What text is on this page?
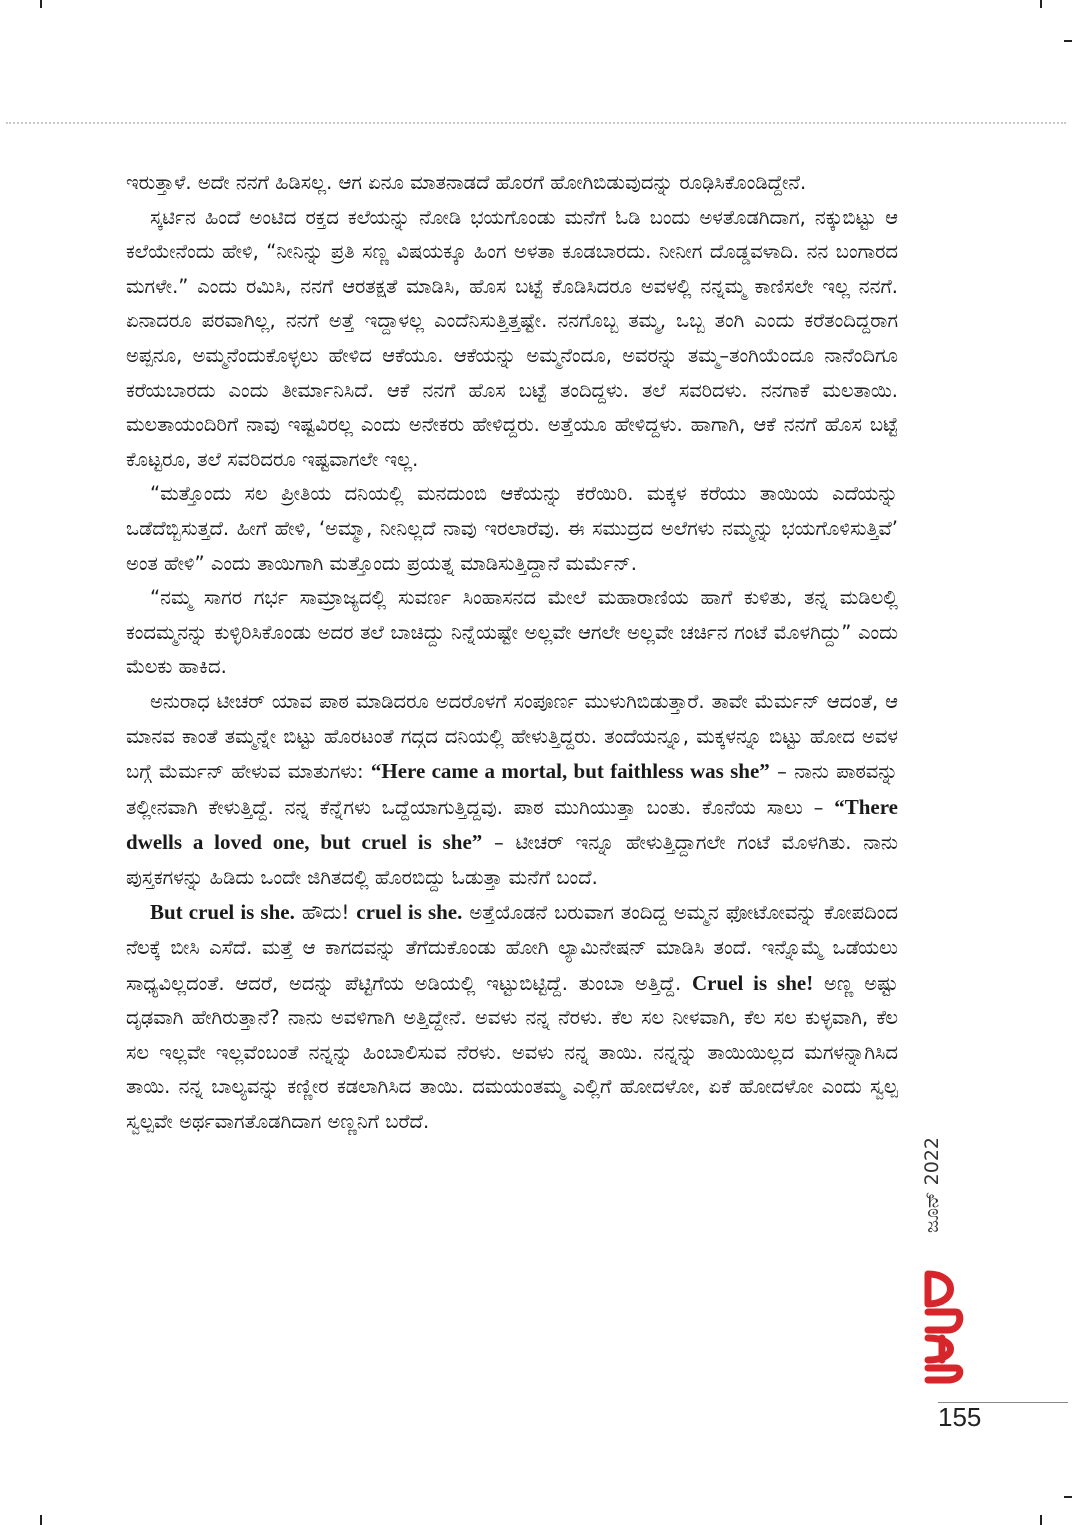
ಇರುತ್ತಾಳೆ. ಅದೇ ನನಗೆ ಹಿಡಿಸಲ್ಲ. ಆಗ ಏನೂ ಮಾತನಾಡದೆ ಹೊರಗೆ ಹೋಗಿಬಿಡುವುದನ್ನು ರೂಢಿಸಿಕೊಂಡಿದ್ದೇನೆ.

ಸ್ಕರ್ಟಿನ ಹಿಂದೆ ಅಂಟಿದ ರಕ್ತದ ಕಲೆಯನ್ನು ನೋಡಿ ಭಯಗೊಂಡು ಮನೆಗೆ ಓಡಿ ಬಂದು ಅಳತೊಡಗಿದಾಗ, ನಕ್ಕುಬಿಟ್ಟು ಆ ಕಲೆಯೇನೆಂದು ಹೇಳಿ, “ನೀನಿನ್ನು ಪ್ರತಿ ಸಣ್ಣ ವಿಷಯಕ್ಕೂ ಹಿಂಗ ಅಳತಾ ಕೂಡಬಾರದು. ನೀನೀಗ ದೊಡ್ಡವಳಾದಿ. ನನ ಬಂಗಾರದ ಮಗಳೇ.” ಎಂದು ರಮಿಸಿ, ನನಗೆ ಆರತಕ್ಷತೆ ಮಾಡಿಸಿ, ಹೊಸ ಬಟ್ಟೆ ಕೊಡಿಸಿದರೂ ಅವಳಲ್ಲಿ ನನ್ನಮ್ಮ ಕಾಣಿಸಲೇ ಇಲ್ಲ ನನಗೆ. ಏನಾದರೂ ಪರವಾಗಿಲ್ಲ, ನನಗೆ ಅತ್ತೆ ಇದ್ದಾಳಲ್ಲ ಎಂದೆನಿಸುತ್ತಿತ್ತಷ್ಟೇ. ನನಗೊಬ್ಬ ತಮ್ಮ, ಒಬ್ಬ ತಂಗಿ ಎಂದು ಕರೆತಂದಿದ್ದರಾಗ ಅಪ್ಪನೂ, ಅಮ್ಮನೆಂದುಕೊಳ್ಳಲು ಹೇಳಿದ ಆಕೆಯೂ. ಆಕೆಯನ್ನು ಅಮ್ಮನೆಂದೂ, ಅವರನ್ನು ತಮ್ಮ–ತಂಗಿಯೆಂದೂ ನಾನೆಂದಿಗೂ ಕರೆಯಬಾರದು ಎಂದು ತೀರ್ಮಾನಿಸಿದೆ. ಆಕೆ ನನಗೆ ಹೊಸ ಬಟ್ಟೆ ತಂದಿದ್ದಳು. ತಲೆ ಸವರಿದಳು. ನನಗಾಕೆ ಮಲತಾಯಿ. ಮಲತಾಯಂದಿರಿಗೆ ನಾವು ಇಷ್ಟವಿರಲ್ಲ ಎಂದು ಅನೇಕರು ಹೇಳಿದ್ದರು. ಅತ್ತೆಯೂ ಹೇಳಿದ್ದಳು. ಹಾಗಾಗಿ, ಆಕೆ ನನಗೆ ಹೊಸ ಬಟ್ಟೆ ಕೊಟ್ಟರೂ, ತಲೆ ಸವರಿದರೂ ಇಷ್ಟವಾಗಲೇ ಇಲ್ಲ.

“ಮತ್ತೊಂದು ಸಲ ಪ್ರೀತಿಯ ದನಿಯಲ್ಲಿ ಮನದುಂಬಿ ಆಕೆಯನ್ನು ಕರೆಯಿರಿ. ಮಕ್ಕಳ ಕರೆಯು ತಾಯಿಯ ಎದೆಯನ್ನು ಒಡೆದೆಬ್ಬಿಸುತ್ತದೆ. ಹೀಗೆ ಹೇಳಿ, ‘ಅಮ್ಮಾ, ನೀನಿಲ್ಲದೆ ನಾವು ಇರಲಾರೆವು. ಈ ಸಮುದ್ರದ ಅಲೆಗಳು ನಮ್ಮನ್ನು ಭಯಗೊಳಿಸುತ್ತಿವೆ’ ಅಂತ ಹೇಳಿ” ಎಂದು ತಾಯಿಗಾಗಿ ಮತ್ತೊಂದು ಪ್ರಯತ್ನ ಮಾಡಿಸುತ್ತಿದ್ದಾನೆ ಮರ್ಮೆನ್.

“ನಮ್ಮ ಸಾಗರ ಗರ್ಭ ಸಾಮ್ರಾಜ್ಯದಲ್ಲಿ ಸುವರ್ಣ ಸಿಂಹಾಸನದ ಮೇಲೆ ಮಹಾರಾಣಿಯ ಹಾಗೆ ಕುಳಿತು, ತನ್ನ ಮಡಿಲಲ್ಲಿ ಕಂದಮ್ಮನನ್ನು ಕುಳ್ಳಿರಿಸಿಕೊಂಡು ಅದರ ತಲೆ ಬಾಚಿದ್ದು ನಿನ್ನೆಯಷ್ಟೇ ಅಲ್ಲವೇ ಆಗಲೇ ಅಲ್ಲವೇ ಚರ್ಚಿನ ಗಂಟೆ ಮೊಳಗಿದ್ದು” ಎಂದು ಮೆಲಕು ಹಾಕಿದ.

ಅನುರಾಧ ಟೀಚರ್ ಯಾವ ಪಾಠ ಮಾಡಿದರೂ ಅದರೊಳಗೆ ಸಂಪೂರ್ಣ ಮುಳುಗಿಬಿಡುತ್ತಾರೆ. ತಾವೇ ಮೆರ್ಮನ್ ಆದಂತೆ, ಆ ಮಾನವ ಕಾಂತೆ ತಮ್ಮನ್ನೇ ಬಿಟ್ಟು ಹೊರಟಂತೆ ಗದ್ಗದ ದನಿಯಲ್ಲಿ ಹೇಳುತ್ತಿದ್ದರು. ತಂದೆಯನ್ನೂ, ಮಕ್ಕಳನ್ನೂ ಬಿಟ್ಟು ಹೋದ ಅವಳ ಬಗ್ಗೆ ಮೆರ್ಮನ್ ಹೇಳುವ ಮಾತುಗಳು: “Here came a mortal, but faithless was she” – ನಾನು ಪಾಠವನ್ನು ತಲ್ಲೀನವಾಗಿ ಕೇಳುತ್ತಿದ್ದೆ. ನನ್ನ ಕೆನ್ನೆಗಳು ಒದ್ದೆಯಾಗುತ್ತಿದ್ದವು. ಪಾಠ ಮುಗಿಯುತ್ತಾ ಬಂತು. ಕೊನೆಯ ಸಾಲು – “There dwells a loved one, but cruel is she” – ಟೀಚರ್ ಇನ್ನೂ ಹೇಳುತ್ತಿದ್ದಾಗಲೇ ಗಂಟೆ ಮೊಳಗಿತು. ನಾನು ಪುಸ್ತಕಗಳನ್ನು ಹಿಡಿದು ಒಂದೇ ಜಿಗಿತದಲ್ಲಿ ಹೊರಬಿದ್ದು ಓಡುತ್ತಾ ಮನೆಗೆ ಬಂದೆ.

But cruel is she. ಹೌದು! cruel is she. ಅತ್ತೆಯೊಡನೆ ಬರುವಾಗ ತಂದಿದ್ದ ಅಮ್ಮನ ಫೋಟೋವನ್ನು ಕೋಪದಿಂದ ನೆಲಕ್ಕೆ ಬೀಸಿ ಎಸೆದೆ. ಮತ್ತೆ ಆ ಕಾಗದವನ್ನು ತೆಗೆದುಕೊಂಡು ಹೋಗಿ ಲ್ಯಾಮಿನೇಷನ್ ಮಾಡಿಸಿ ತಂದೆ. ಇನ್ನೊಮ್ಮೆ ಒಡೆಯಲು ಸಾಧ್ಯವಿಲ್ಲದಂತೆ. ಆದರೆ, ಅದನ್ನು ಪೆಟ್ಟಿಗೆಯ ಅಡಿಯಲ್ಲಿ ಇಟ್ಟುಬಿಟ್ಟಿದ್ದೆ. ತುಂಬಾ ಅತ್ತಿದ್ದೆ. Cruel is she! ಅಣ್ಣ ಅಷ್ಟು ದೃಢವಾಗಿ ಹೇಗಿರುತ್ತಾನೆ? ನಾನು ಅವಳಿಗಾಗಿ ಅತ್ತಿದ್ದೇನೆ. ಅವಳು ನನ್ನ ನೆರಳು. ಕೆಲ ಸಲ ನೀಳವಾಗಿ, ಕೆಲ ಸಲ ಕುಳ್ಳವಾಗಿ, ಕೆಲ ಸಲ ಇಲ್ಲವೇ ಇಲ್ಲವೆಂಬಂತೆ ನನ್ನನ್ನು ಹಿಂಬಾಲಿಸುವ ನೆರಳು. ಅವಳು ನನ್ನ ತಾಯಿ. ನನ್ನನ್ನು ತಾಯಿಯಿಲ್ಲದ ಮಗಳನ್ನಾಗಿಸಿದ ತಾಯಿ. ನನ್ನ ಬಾಲ್ಯವನ್ನು ಕಣ್ಣೀರ ಕಡಲಾಗಿಸಿದ ತಾಯಿ. ದಮಯಂತಮ್ಮ ಎಲ್ಲಿಗೆ ಹೋದಳೋ, ಏಕೆ ಹೋದಳೋ ಎಂದು ಸ್ವಲ್ಪ ಸ್ವಲ್ಪವೇ ಅರ್ಥವಾಗತೊಡಗಿದಾಗ ಅಣ್ಣನಿಗೆ ಬರೆದೆ.

ಜೂನ್ 2022
155
